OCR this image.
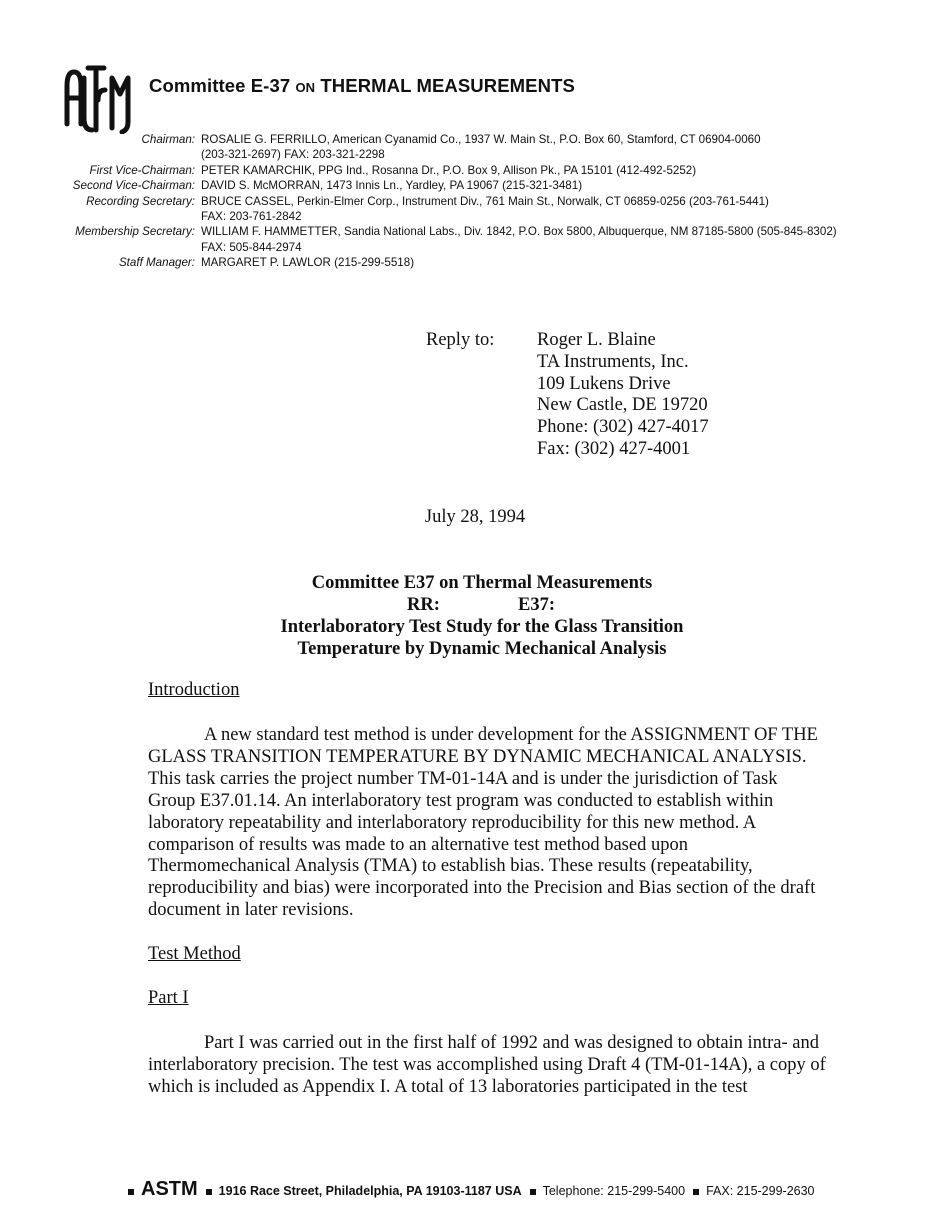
Committee E-37 ON THERMAL MEASUREMENTS
Chairman: ROSALIE G. FERRILLO, American Cyanamid Co., 1937 W. Main St., P.O. Box 60, Stamford, CT 06904-0060
(203-321-2697) FAX: 203-321-2298
First Vice-Chairman: PETER KAMARCHIK, PPG Ind., Rosanna Dr., P.O. Box 9, Allison Pk., PA 15101 (412-492-5252)
Second Vice-Chairman: DAVID S. McMORRAN, 1473 Innis Ln., Yardley, PA 19067 (215-321-3481)
Recording Secretary: BRUCE CASSEL, Perkin-Elmer Corp., Instrument Div., 761 Main St., Norwalk, CT 06859-0256 (203-761-5441)
FAX: 203-761-2842
Membership Secretary: WILLIAM F. HAMMETTER, Sandia National Labs., Div. 1842, P.O. Box 5800, Albuquerque, NM 87185-5800 (505-845-8302)
FAX: 505-844-2974
Staff Manager: MARGARET P. LAWLOR (215-299-5518)
Reply to: Roger L. Blaine
TA Instruments, Inc.
109 Lukens Drive
New Castle, DE 19720
Phone: (302) 427-4017
Fax: (302) 427-4001
July 28, 1994
Committee E37 on Thermal Measurements
RR:	E37:
Interlaboratory Test Study for the Glass Transition
Temperature by Dynamic Mechanical Analysis
Introduction
A new standard test method is under development for the ASSIGNMENT OF THE GLASS TRANSITION TEMPERATURE BY DYNAMIC MECHANICAL ANALYSIS. This task carries the project number TM-01-14A and is under the jurisdiction of Task Group E37.01.14. An interlaboratory test program was conducted to establish within laboratory repeatability and interlaboratory reproducibility for this new method. A comparison of results was made to an alternative test method based upon Thermomechanical Analysis (TMA) to establish bias. These results (repeatability, reproducibility and bias) were incorporated into the Precision and Bias section of the draft document in later revisions.
Test Method
Part I
Part I was carried out in the first half of 1992 and was designed to obtain intra- and interlaboratory precision. The test was accomplished using Draft 4 (TM-01-14A), a copy of which is included as Appendix I. A total of 13 laboratories participated in the test
ASTM 1916 Race Street, Philadelphia, PA 19103-1187 USA Telephone: 215-299-5400 FAX: 215-299-2630
